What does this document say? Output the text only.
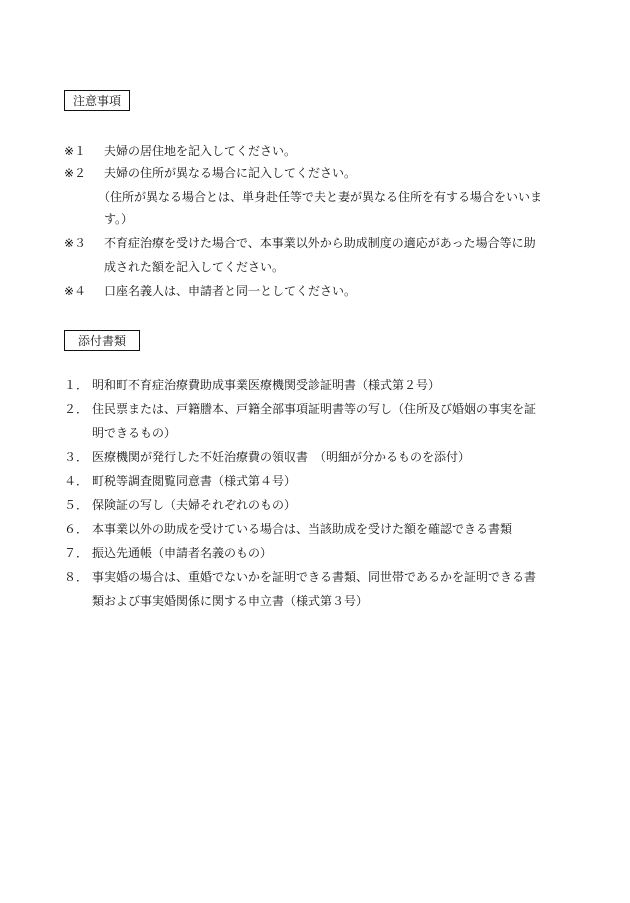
注意事項
※１	夫婦の居住地を記入してください。
※２	夫婦の住所が異なる場合に記入してください。
（住所が異なる場合とは、単身赴任等で夫と妻が異なる住所を有する場合をいいま
す。）
※３	不育症治療を受けた場合で、本事業以外から助成制度の適応があった場合等に助
成された額を記入してください。
※４	口座名義人は、申請者と同一としてください。
添付書類
１． 明和町不育症治療費助成事業医療機関受診証明書（様式第２号）
２． 住民票または、戸籍謄本、戸籍全部事項証明書等の写し（住所及び婚姻の事実を証
明できるもの）
３． 医療機関が発行した不妊治療費の領収書　（明細が分かるものを添付）
４． 町税等調査閲覧同意書（様式第４号）
５． 保険証の写し（夫婦それぞれのもの）
６． 本事業以外の助成を受けている場合は、当該助成を受けた額を確認できる書類
７． 振込先通帳（申請者名義のもの）
８． 事実婚の場合は、重婚でないかを証明できる書類、同世帯であるかを証明できる書
類および事実婚関係に関する申立書（様式第３号）
